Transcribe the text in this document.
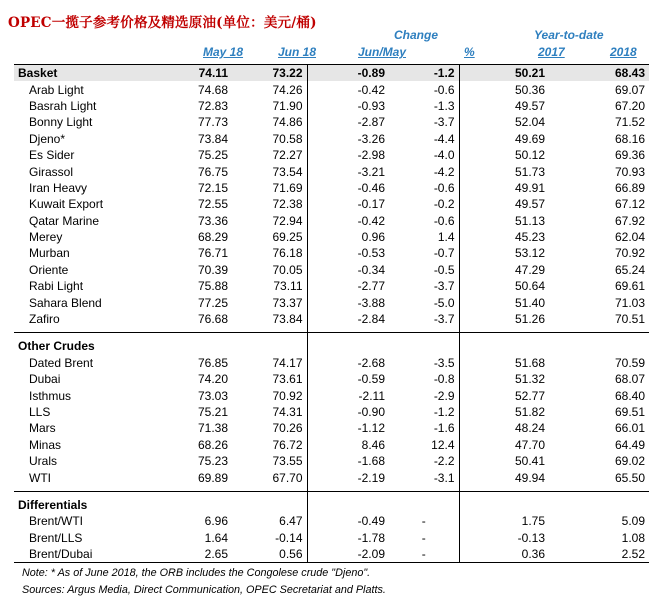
OPEC一揽子参考价格及精选原油(单位：美元/桶)
Change	Year-to-date
May 18	Jun 18	Jun/May	%	2017	2018
Basket	74.11	73.22	-0.89	-1.2	50.21	68.43
Arab Light	74.68	74.26	-0.42	-0.6	50.36	69.07
Basrah Light	72.83	71.90	-0.93	-1.3	49.57	67.20
Bonny Light	77.73	74.86	-2.87	-3.7	52.04	71.52
Djeno*	73.84	70.58	-3.26	-4.4	49.69	68.16
Es Sider	75.25	72.27	-2.98	-4.0	50.12	69.36
Girassol	76.75	73.54	-3.21	-4.2	51.73	70.93
Iran Heavy	72.15	71.69	-0.46	-0.6	49.91	66.89
Kuwait Export	72.55	72.38	-0.17	-0.2	49.57	67.12
Qatar Marine	73.36	72.94	-0.42	-0.6	51.13	67.92
Merey	68.29	69.25	0.96	1.4	45.23	62.04
Murban	76.71	76.18	-0.53	-0.7	53.12	70.92
Oriente	70.39	70.05	-0.34	-0.5	47.29	65.24
Rabi Light	75.88	73.11	-2.77	-3.7	50.64	69.61
Sahara Blend	77.25	73.37	-3.88	-5.0	51.40	71.03
Zafiro	76.68	73.84	-2.84	-3.7	51.26	70.51

Other Crudes						
Dated Brent	76.85	74.17	-2.68	-3.5	51.68	70.59
Dubai	74.20	73.61	-0.59	-0.8	51.32	68.07
Isthmus	73.03	70.92	-2.11	-2.9	52.77	68.40
LLS	75.21	74.31	-0.90	-1.2	51.82	69.51
Mars	71.38	70.26	-1.12	-1.6	48.24	66.01
Minas	68.26	76.72	8.46	12.4	47.70	64.49
Urals	75.23	73.55	-1.68	-2.2	50.41	69.02
WTI	69.89	67.70	-2.19	-3.1	49.94	65.50

Differentials						
Brent/WTI	6.96	6.47	-0.49	-	1.75	5.09
Brent/LLS	1.64	-0.14	-1.78	-	-0.13	1.08
Brent/Dubai	2.65	0.56	-2.09	-	0.36	2.52
Note: * As of June 2018, the ORB includes the Congolese crude "Djeno".
Sources: Argus Media, Direct Communication, OPEC Secretariat and Platts.
